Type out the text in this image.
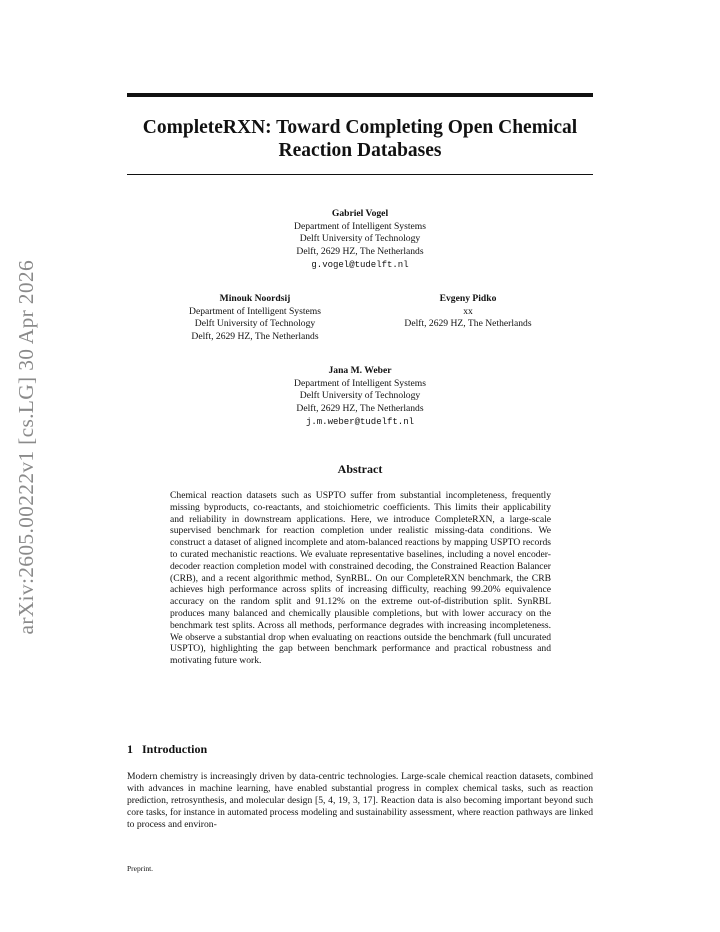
arXiv:2605.00222v1 [cs.LG] 30 Apr 2026
CompleteRXN: Toward Completing Open Chemical
Reaction Databases
Gabriel Vogel
Department of Intelligent Systems
Delft University of Technology
Delft, 2629 HZ, The Netherlands
g.vogel@tudelft.nl
Minouk Noordsij
Department of Intelligent Systems
Delft University of Technology
Delft, 2629 HZ, The Netherlands
Evgeny Pidko
xx
Delft, 2629 HZ, The Netherlands
Jana M. Weber
Department of Intelligent Systems
Delft University of Technology
Delft, 2629 HZ, The Netherlands
j.m.weber@tudelft.nl
Abstract
Chemical reaction datasets such as USPTO suffer from substantial incompleteness, frequently missing byproducts, co-reactants, and stoichiometric coefficients. This limits their applicability and reliability in downstream applications. Here, we introduce CompleteRXN, a large-scale supervised benchmark for reaction completion under realistic missing-data conditions. We construct a dataset of aligned incomplete and atom-balanced reactions by mapping USPTO records to curated mechanistic reactions. We evaluate representative baselines, including a novel encoder-decoder reaction completion model with constrained decoding, the Constrained Reaction Balancer (CRB), and a recent algorithmic method, SynRBL. On our CompleteRXN benchmark, the CRB achieves high performance across splits of increasing difficulty, reaching 99.20% equivalence accuracy on the random split and 91.12% on the extreme out-of-distribution split. SynRBL produces many balanced and chemically plausible completions, but with lower accuracy on the benchmark test splits. Across all methods, performance degrades with increasing incompleteness. We observe a substantial drop when evaluating on reactions outside the benchmark (full uncurated USPTO), highlighting the gap between benchmark performance and practical robustness and motivating future work.
1 Introduction
Modern chemistry is increasingly driven by data-centric technologies. Large-scale chemical reaction datasets, combined with advances in machine learning, have enabled substantial progress in complex chemical tasks, such as reaction prediction, retrosynthesis, and molecular design [5, 4, 19, 3, 17]. Reaction data is also becoming important beyond such core tasks, for instance in automated process modeling and sustainability assessment, where reaction pathways are linked to process and environ-
Preprint.
